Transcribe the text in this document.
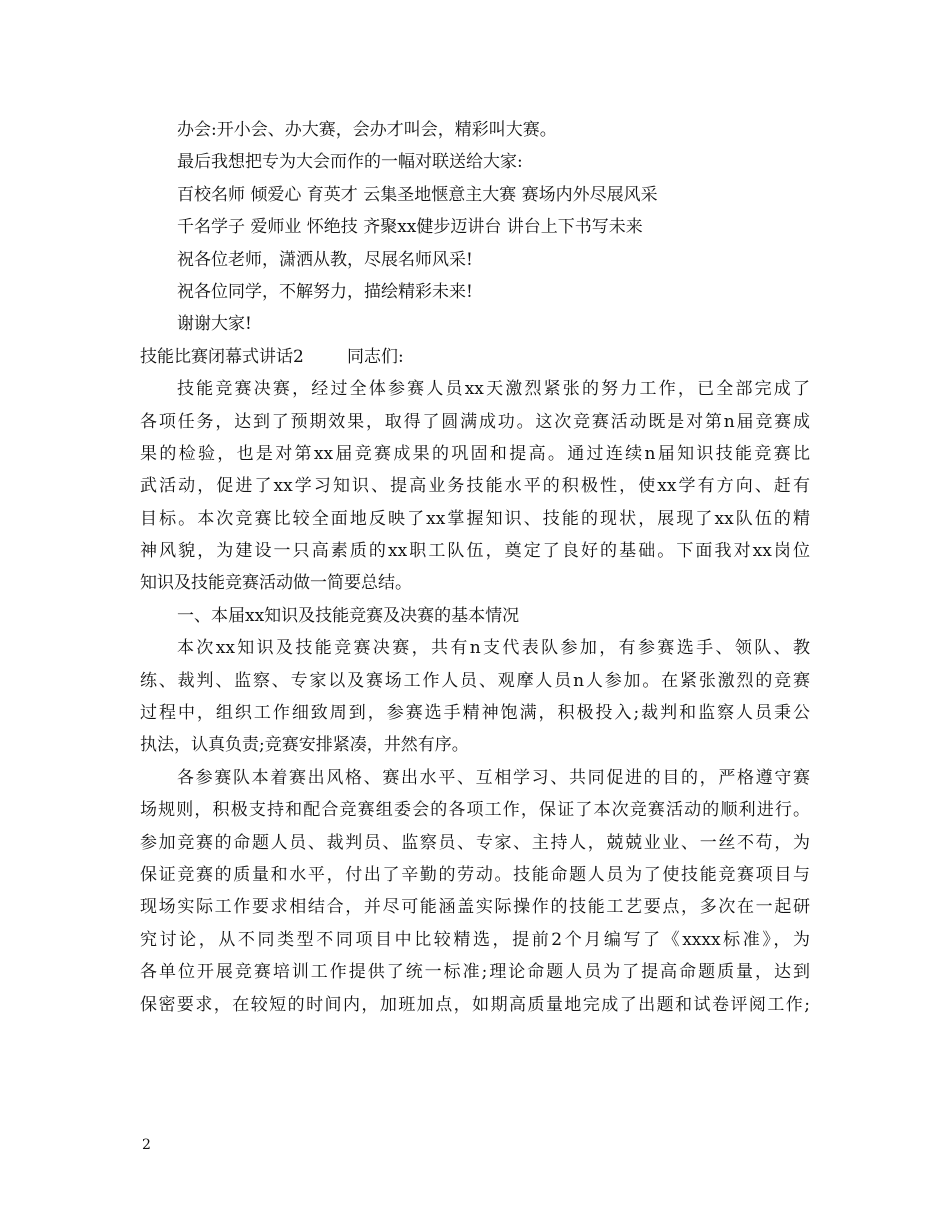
办会:开小会、办大赛，会办才叫会，精彩叫大赛。
最后我想把专为大会而作的一幅对联送给大家:
百校名师 倾爱心 育英才 云集圣地惬意主大赛 赛场内外尽展风采
千名学子 爱师业 怀绝技 齐聚xx健步迈讲台 讲台上下书写未来
祝各位老师，潇洒从教，尽展名师风采!
祝各位同学，不解努力，描绘精彩未来!
谢谢大家!
技能比赛闭幕式讲话2        同志们:
技能竞赛决赛，经过全体参赛人员xx天激烈紧张的努力工作，已全部完成了
各项任务，达到了预期效果，取得了圆满成功。这次竞赛活动既是对第n届竞赛成
果的检验，也是对第xx届竞赛成果的巩固和提高。通过连续n届知识技能竞赛比
武活动，促进了xx学习知识、提高业务技能水平的积极性，使xx学有方向、赶有
目标。本次竞赛比较全面地反映了xx掌握知识、技能的现状，展现了xx队伍的精
神风貌，为建设一只高素质的xx职工队伍，奠定了良好的基础。下面我对xx岗位
知识及技能竞赛活动做一简要总结。
一、本届xx知识及技能竞赛及决赛的基本情况
本次xx知识及技能竞赛决赛，共有n支代表队参加，有参赛选手、领队、教
练、裁判、监察、专家以及赛场工作人员、观摩人员n人参加。在紧张激烈的竞赛
过程中，组织工作细致周到，参赛选手精神饱满，积极投入;裁判和监察人员秉公
执法，认真负责;竞赛安排紧凑，井然有序。
各参赛队本着赛出风格、赛出水平、互相学习、共同促进的目的，严格遵守赛
场规则，积极支持和配合竞赛组委会的各项工作，保证了本次竞赛活动的顺利进行。
参加竞赛的命题人员、裁判员、监察员、专家、主持人，兢兢业业、一丝不苟，为
保证竞赛的质量和水平，付出了辛勤的劳动。技能命题人员为了使技能竞赛项目与
现场实际工作要求相结合，并尽可能涵盖实际操作的技能工艺要点，多次在一起研
究讨论，从不同类型不同项目中比较精选，提前2个月编写了《xxxx标准》，为
各单位开展竞赛培训工作提供了统一标准;理论命题人员为了提高命题质量，达到
保密要求，在较短的时间内，加班加点，如期高质量地完成了出题和试卷评阅工作;
2
